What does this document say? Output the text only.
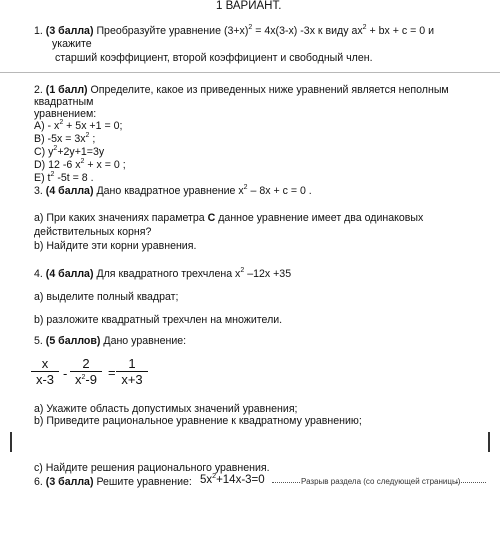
1 ВАРИАНТ.
1. (3 балла) Преобразуйте уравнение $(3+x)^2 = 4x(3-x)$ -3x к виду $ax^2$ + bx + c = 0 и
укажите
старший коэффициент, второй коэффициент и свободный член.
2. (1 балл) Определите, какое из приведенных ниже уравнений является неполным
квадратным
уравнением:
$A) - x^2 + 5x +1 = 0$;
B) $-5x = 3x^2$ ;
C) $y^2+2y+1=3y$
D) 12 -6 $x^2 + x = 0$ ;
E) $t^2$ -5t = 8 .
3. (4 балла) Дано квадратное уравнение $x^2 - 8x + c = 0$ .
a) При каких значениях параметра С данное уравнение имеет два одинаковых
действительных корня?
b) Найдите эти корни уравнения.
4. (4 балла) Для квадратного трехчлена $x^2$ –12x +35
a) выделите полный квадрат;
b) разложите квадратный трехчлен на множители.
5. (5 баллов) Дано уравнение:
$\frac{x}{x-3} - \frac{2}{x^2-9} = \frac{1}{x+3}$
a) Укажите область допустимых значений уравнения;
b) Приведите рациональное уравнение к квадратному уравнению;
c) Найдите решения рационального уравнения.
6. (3 балла) Решите уравнение: $5x^2+14x-3=0$	Разрыв раздела (со следующей страницы)
